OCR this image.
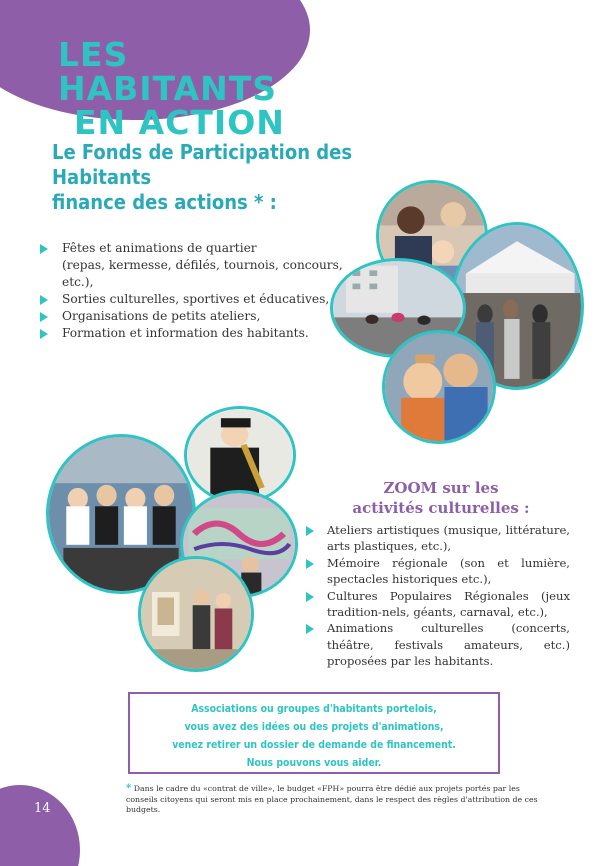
14
LES HABITANTS
EN ACTION
Le Fonds de Participation des Habitants
finance des actions * :
Fêtes et animations de quartier
(repas, kermesse, défilés, tournois, concours, etc.),
Sorties culturelles, sportives et éducatives,
Organisations de petits ateliers,
Formation et information des habitants.
ZOOM sur les
activités culturelles :
Ateliers artistiques (musique, littérature, arts plastiques, etc.),
Mémoire régionale (son et lumière, spectacles historiques etc.),
Cultures Populaires Régionales (jeux tradition-nels, géants, carnaval, etc.),
Animations culturelles (concerts, théâtre, festivals amateurs, etc.) proposées par les habitants.
Associations ou groupes d'habitants portelois,
vous avez des idées ou des projets d'animations,
venez retirer un dossier de demande de financement.
Nous pouvons vous aider.

* Dans le cadre du «contrat de ville», le budget «FPH» pourra être dédié aux projets portés par les conseils citoyens qui seront mis en place prochainement, dans le respect des règles d'attribution de ces budgets.
